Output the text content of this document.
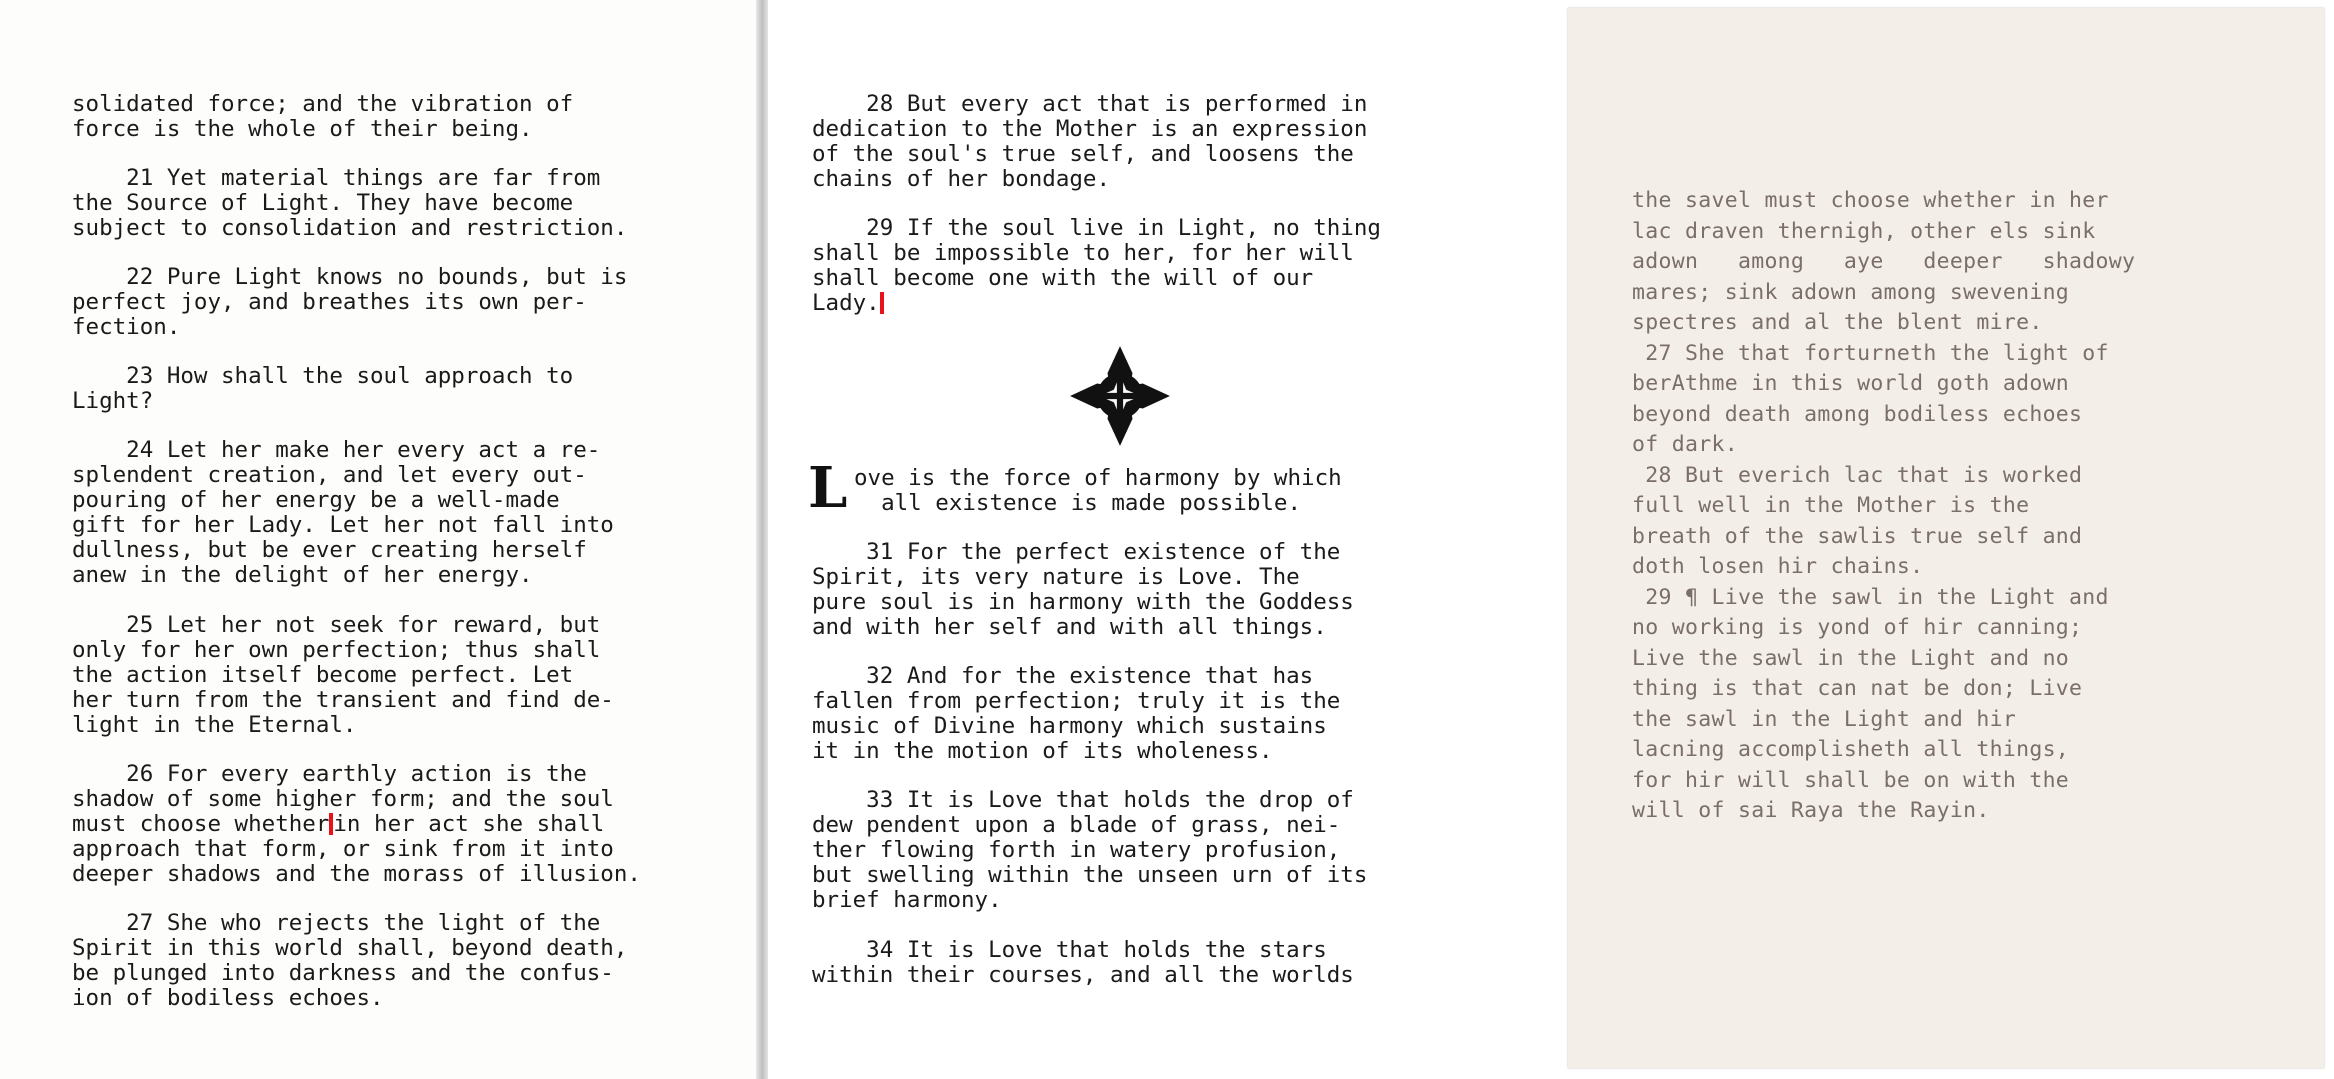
solidated force; and the vibration of
force is the whole of their being.

21 Yet material things are far from
the Source of Light. They have become
subject to consolidation and restriction.

22 Pure Light knows no bounds, but is
perfect joy, and breathes its own per-
fection.

23 How shall the soul approach to
Light?

24 Let her make her every act a re-
splendent creation, and let every out-
pouring of her energy be a well-made
gift for her Lady. Let her not fall into
dullness, but be ever creating herself
anew in the delight of her energy.

25 Let her not seek for reward, but
only for her own perfection; thus shall
the action itself become perfect. Let
her turn from the transient and find de-
light in the Eternal.

26 For every earthly action is the
shadow of some higher form; and the soul
must choose whether in her act she shall
approach that form, or sink from it into
deeper shadows and the morass of illusion.

27 She who rejects the light of the
Spirit in this world shall, beyond death,
be plunged into darkness and the confus-
ion of bodiless echoes.

28 But every act that is performed in
dedication to the Mother is an expression
of the soul's true self, and loosens the
chains of her bondage.

29 If the soul live in Light, no thing
shall be impossible to her, for her will
shall become one with the will of our
Lady.
L ove is the force of harmony by which
all existence is made possible.

31 For the perfect existence of the
Spirit, its very nature is Love. The
pure soul is in harmony with the Goddess
and with her self and with all things.

32 And for the existence that has
fallen from perfection; truly it is the
music of Divine harmony which sustains
it in the motion of its wholeness.

33 It is Love that holds the drop of
dew pendent upon a blade of grass, nei-
ther flowing forth in watery profusion,
but swelling within the unseen urn of its
brief harmony.

34 It is Love that holds the stars
within their courses, and all the worlds

the savel must choose whether in her
lac draven thernigh, other els sink
adown   among   aye   deeper   shadowy
mares; sink adown among swevening
spectres and al the blent mire.
27 She that forturneth the light of
berAthme in this world goth adown
beyond death among bodiless echoes
of dark.
28 But everich lac that is worked
full well in the Mother is the
breath of the sawlis true self and
doth losen hir chains.
29 ¶ Live the sawl in the Light and
no working is yond of hir canning;
Live the sawl in the Light and no
thing is that can nat be don; Live
the sawl in the Light and hir
lacning accomplisheth all things,
for hir will shall be on with the
will of sai Raya the Rayin.
